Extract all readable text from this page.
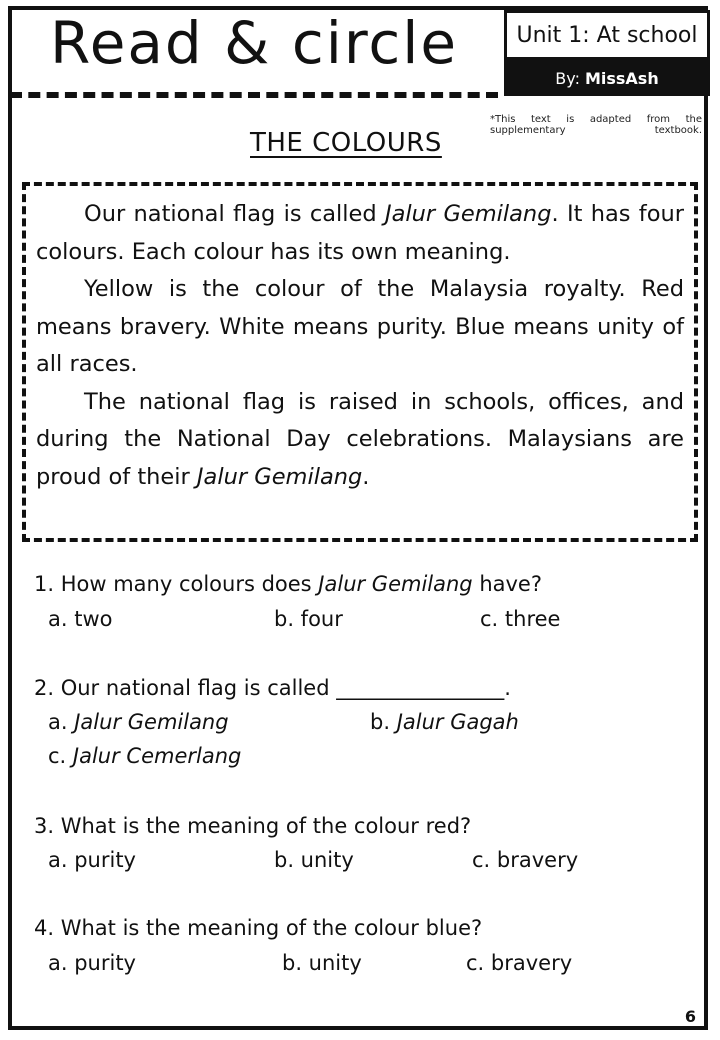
Read & circle	Unit 1: At school
By: MissAsh
*This text is adapted from the supplementary textbook.
THE COLOURS

Our national flag is called Jalur Gemilang. It has four colours. Each colour has its own meaning.

Yellow is the colour of the Malaysia royalty. Red means bravery. White means purity. Blue means unity of all races.

The national flag is raised in schools, offices, and during the National Day celebrations. Malaysians are proud of their Jalur Gemilang.

1. How many colours does Jalur Gemilang have?
a. two	b. four	c. three
2. Our national flag is called ________________.
a. Jalur Gemilang	b. Jalur Gagah
c. Jalur Cemerlang
3. What is the meaning of the colour red?
a. purity	b. unity	c. bravery
4. What is the meaning of the colour blue?
a. purity	b. unity	c. bravery
6
